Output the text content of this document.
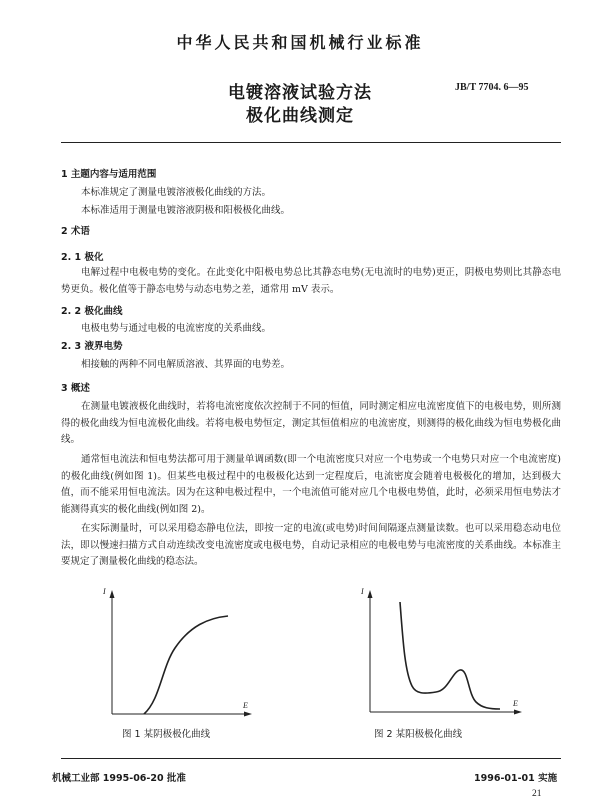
中华人民共和国机械行业标准
电镀溶液试验方法
极化曲线测定
JB/T 7704. 6—95
1 主题内容与适用范围
本标准规定了测量电镀溶液极化曲线的方法。
本标准适用于测量电镀溶液阴极和阳极极化曲线。
2 术语
2. 1 极化
电解过程中电极电势的变化。在此变化中阳极电势总比其静态电势(无电流时的电势)更正，阴极电势则比其静态电势更负。极化值等于静态电势与动态电势之差，通常用 mV 表示。
2. 2 极化曲线
电极电势与通过电极的电流密度的关系曲线。
2. 3 液界电势
相接触的两种不同电解质溶液、其界面的电势差。
3 概述
在测量电镀液极化曲线时，若将电流密度依次控制于不同的恒值，同时测定相应电流密度值下的电极电势，则所测得的极化曲线为恒电流极化曲线。若将电极电势恒定，测定其恒值相应的电流密度，则测得的极化曲线为恒电势极化曲线。
通常恒电流法和恒电势法都可用于测量单调函数(即一个电流密度只对应一个电势或一个电势只对应一个电流密度)的极化曲线(例如图 1)。但某些电极过程中的电极极化达到一定程度后，电流密度会随着电极极化的增加，达到极大值，而不能采用恒电流法。因为在这种电极过程中，一个电流值可能对应几个电极电势值，此时，必须采用恒电势法才能测得真实的极化曲线(例如图 2)。
在实际测量时，可以采用稳态静电位法，即按一定的电流(或电势)时间间隔逐点测量读数。也可以采用稳态动电位法，即以慢速扫描方式自动连续改变电流密度或电极电势，自动记录相应的电极电势与电流密度的关系曲线。本标准主要规定了测量极化曲线的稳态法。
I
E
图 1 某阴极极化曲线
I
E
图 2 某阳极极化曲线
机械工业部 1995-06-20 批准	1996-01-01 实施
21
